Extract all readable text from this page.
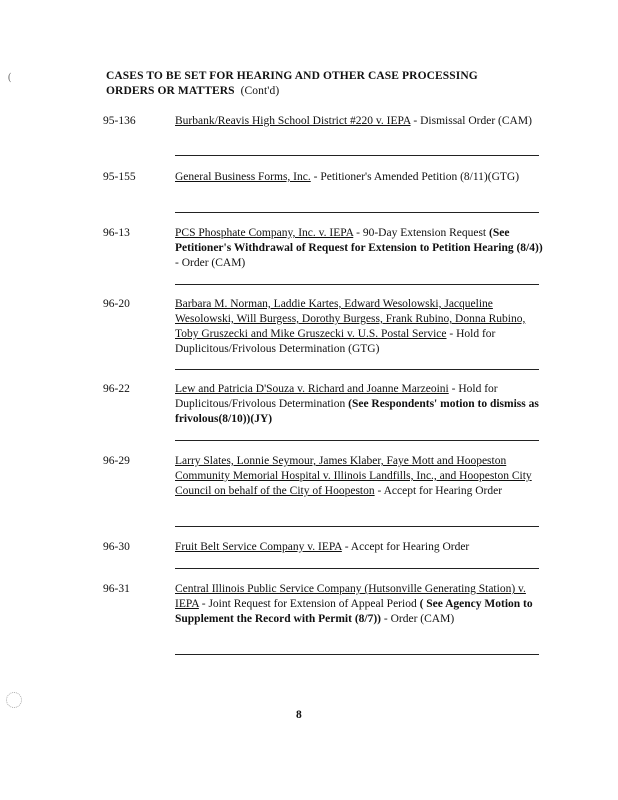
CASES TO BE SET FOR HEARING AND OTHER CASE PROCESSING
ORDERS OR MATTERS (Cont'd)
95-136	Burbank/Reavis High School District #220 v. IEPA - Dismissal Order (CAM)
95-155	General Business Forms, Inc. - Petitioner's Amended Petition (8/11)(GTG)
96-13	PCS Phosphate Company, Inc. v. IEPA - 90-Day Extension Request (See Petitioner's Withdrawal of Request for Extension to Petition Hearing (8/4)) - Order (CAM)
96-20	Barbara M. Norman, Laddie Kartes, Edward Wesolowski, Jacqueline Wesolowski, Will Burgess, Dorothy Burgess, Frank Rubino, Donna Rubino, Toby Gruszecki and Mike Gruszecki v. U.S. Postal Service - Hold for Duplicitous/Frivolous Determination (GTG)
96-22	Lew and Patricia D'Souza v. Richard and Joanne Marzeoini - Hold for Duplicitous/Frivolous Determination (See Respondents' motion to dismiss as frivolous(8/10))(JY)
96-29	Larry Slates, Lonnie Seymour, James Klaber, Faye Mott and Hoopeston Community Memorial Hospital v. Illinois Landfills, Inc., and Hoopeston City Council on behalf of the City of Hoopeston - Accept for Hearing Order
96-30	Fruit Belt Service Company v. IEPA - Accept for Hearing Order
96-31	Central Illinois Public Service Company (Hutsonville Generating Station) v. IEPA - Joint Request for Extension of Appeal Period ( See Agency Motion to Supplement the Record with Permit (8/7)) - Order (CAM)
8
(
